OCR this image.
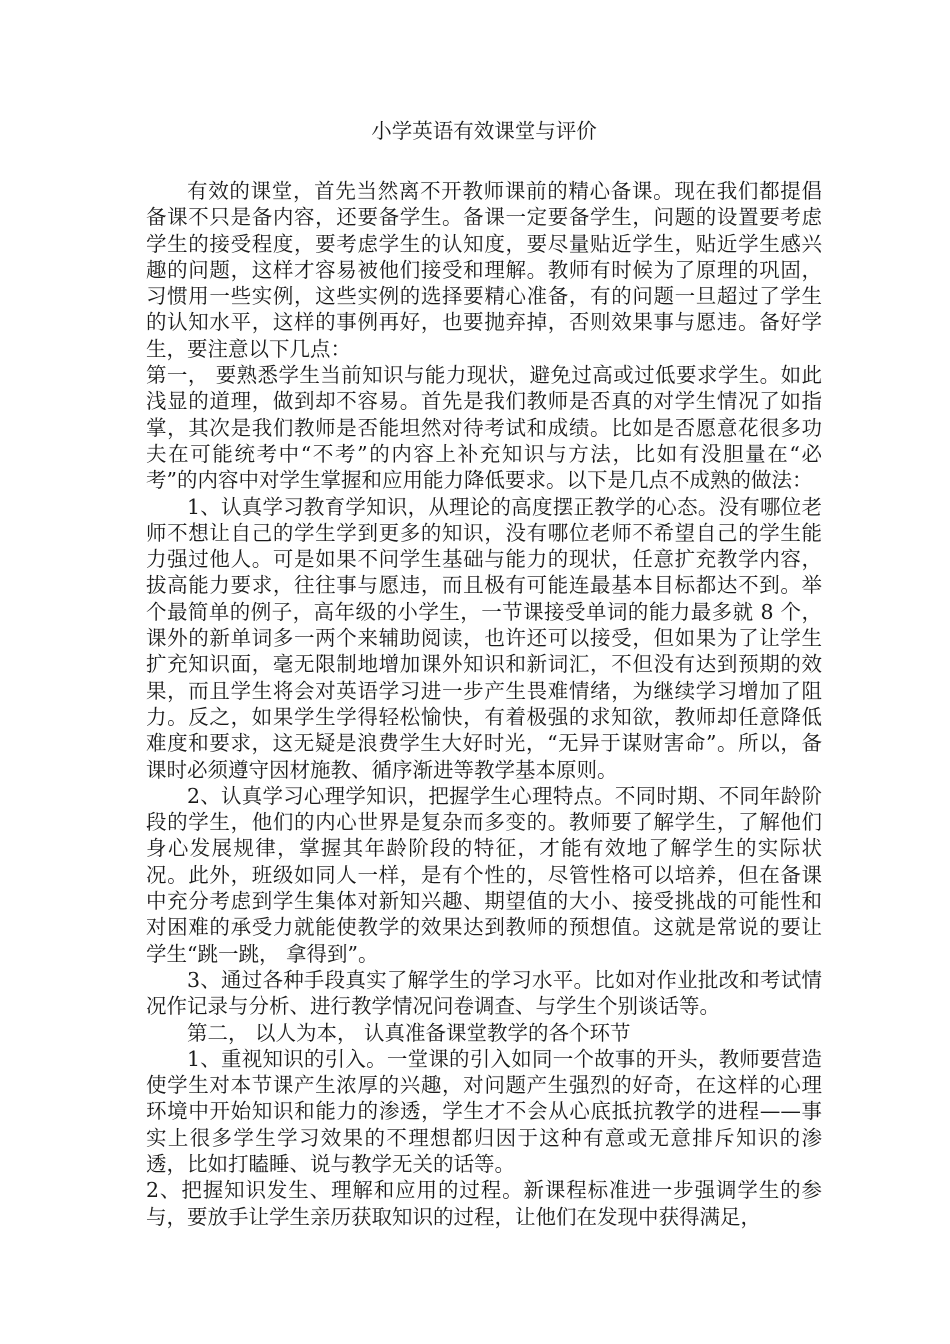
小学英语有效课堂与评价

有效的课堂，首先当然离不开教师课前的精心备课。现在我们都提倡备课不只是备内容，还要备学生。备课一定要备学生，问题的设置要考虑学生的接受程度，要考虑学生的认知度，要尽量贴近学生，贴近学生感兴趣的问题，这样才容易被他们接受和理解。教师有时候为了原理的巩固，习惯用一些实例，这些实例的选择要精心准备，有的问题一旦超过了学生的认知水平，这样的事例再好，也要抛弃掉，否则效果事与愿违。备好学生，要注意以下几点：

第一， 要熟悉学生当前知识与能力现状，避免过高或过低要求学生。如此浅显的道理，做到却不容易。首先是我们教师是否真的对学生情况了如指掌，其次是我们教师是否能坦然对待考试和成绩。比如是否愿意花很多功夫在可能统考中“不考”的内容上补充知识与方法，比如有没胆量在“必考”的内容中对学生掌握和应用能力降低要求。以下是几点不成熟的做法：

1、认真学习教育学知识，从理论的高度摆正教学的心态。没有哪位老师不想让自己的学生学到更多的知识，没有哪位老师不希望自己的学生能力强过他人。可是如果不问学生基础与能力的现状，任意扩充教学内容，拔高能力要求，往往事与愿违，而且极有可能连最基本目标都达不到。举个最简单的例子，高年级的小学生，一节课接受单词的能力最多就 8 个，课外的新单词多一两个来辅助阅读，也许还可以接受，但如果为了让学生扩充知识面，毫无限制地增加课外知识和新词汇，不但没有达到预期的效果，而且学生将会对英语学习进一步产生畏难情绪，为继续学习增加了阻力。反之，如果学生学得轻松愉快，有着极强的求知欲，教师却任意降低难度和要求，这无疑是浪费学生大好时光，“无异于谋财害命”。所以，备课时必须遵守因材施教、循序渐进等教学基本原则。

2、认真学习心理学知识，把握学生心理特点。不同时期、不同年龄阶段的学生，他们的内心世界是复杂而多变的。教师要了解学生，了解他们身心发展规律，掌握其年龄阶段的特征，才能有效地了解学生的实际状况。此外，班级如同人一样，是有个性的，尽管性格可以培养，但在备课中充分考虑到学生集体对新知兴趣、期望值的大小、接受挑战的可能性和对困难的承受力就能使教学的效果达到教师的预想值。这就是常说的要让学生“跳一跳， 拿得到”。

3、通过各种手段真实了解学生的学习水平。比如对作业批改和考试情况作记录与分析、进行教学情况问卷调查、与学生个别谈话等。

第二， 以人为本， 认真准备课堂教学的各个环节

1、重视知识的引入。一堂课的引入如同一个故事的开头，教师要营造使学生对本节课产生浓厚的兴趣，对问题产生强烈的好奇，在这样的心理环境中开始知识和能力的渗透，学生才不会从心底抵抗教学的进程——事实上很多学生学习效果的不理想都归因于这种有意或无意排斥知识的渗透，比如打瞌睡、说与教学无关的话等。

2、把握知识发生、理解和应用的过程。新课程标准进一步强调学生的参与，要放手让学生亲历获取知识的过程，让他们在发现中获得满足，
